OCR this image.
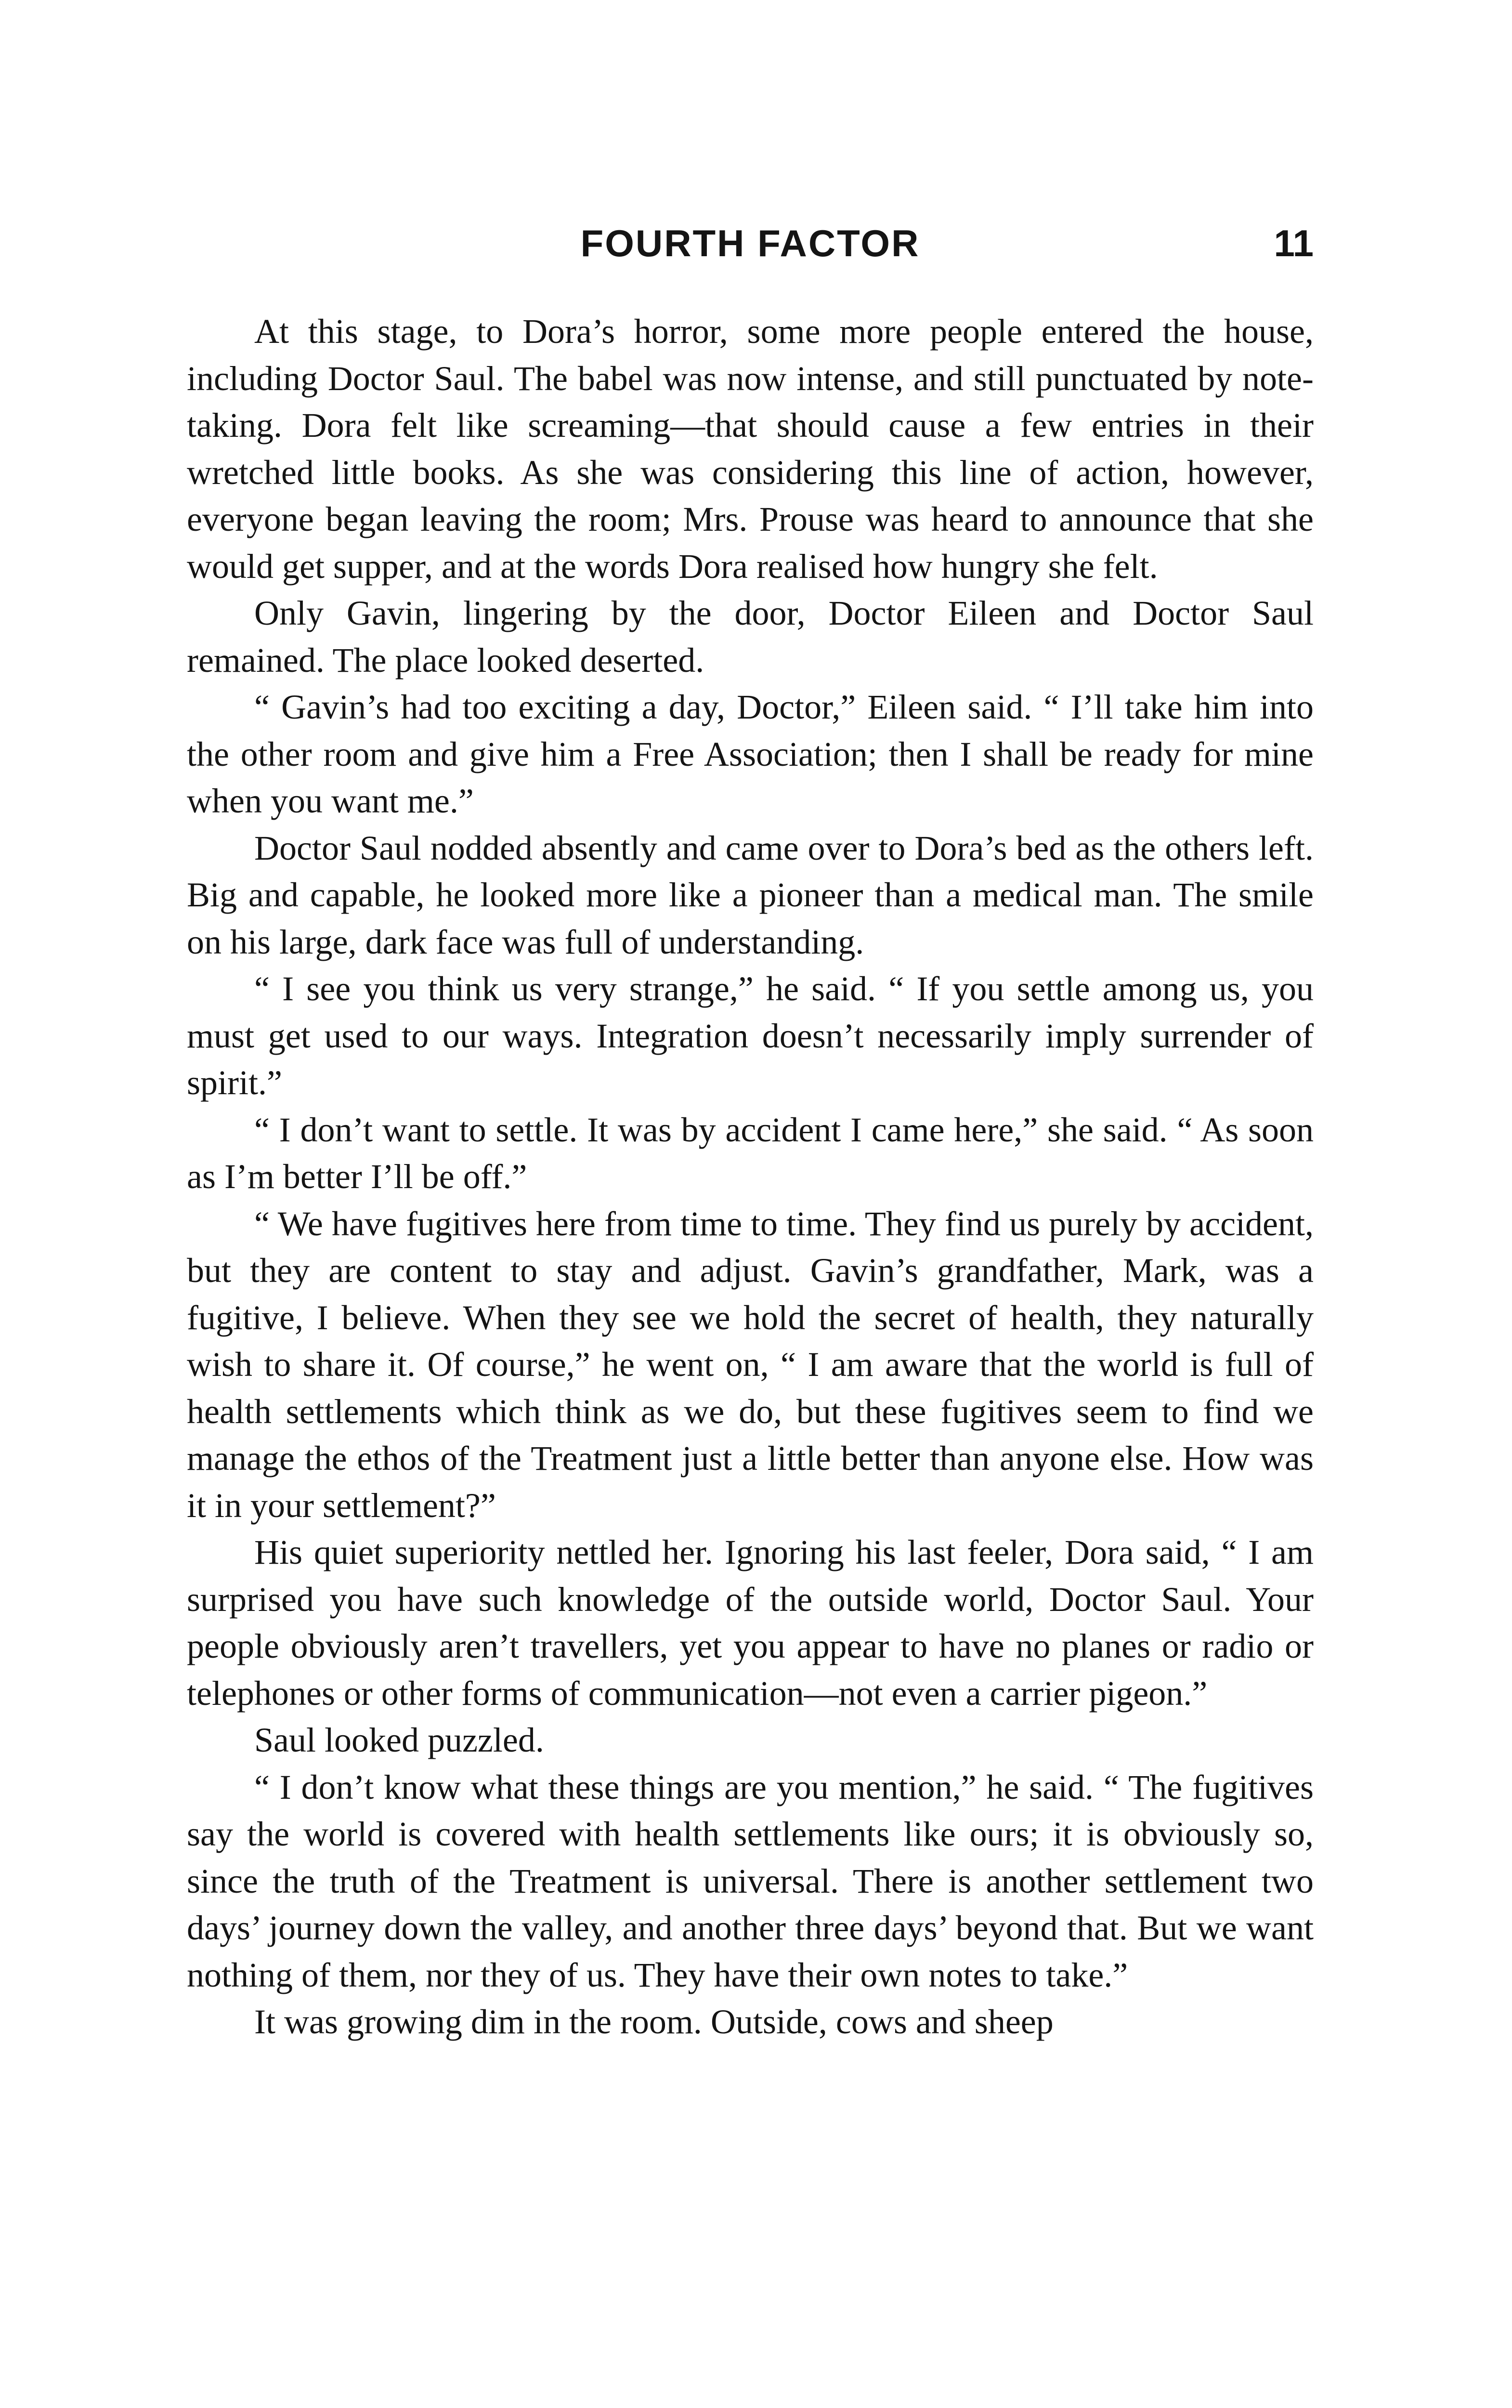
FOURTH FACTOR	11

At this stage, to Dora’s horror, some more people entered the house, including Doctor Saul. The babel was now intense, and still punctuated by note-taking. Dora felt like screaming—that should cause a few entries in their wretched little books. As she was considering this line of action, however, everyone began leaving the room; Mrs. Prouse was heard to announce that she would get supper, and at the words Dora realised how hungry she felt.

Only Gavin, lingering by the door, Doctor Eileen and Doctor Saul remained. The place looked deserted.

“ Gavin’s had too exciting a day, Doctor,” Eileen said. “ I’ll take him into the other room and give him a Free Association; then I shall be ready for mine when you want me.”

Doctor Saul nodded absently and came over to Dora’s bed as the others left. Big and capable, he looked more like a pioneer than a medical man. The smile on his large, dark face was full of understanding.

“ I see you think us very strange,” he said. “ If you settle among us, you must get used to our ways. Integration doesn’t necessarily imply surrender of spirit.”

“ I don’t want to settle. It was by accident I came here,” she said. “ As soon as I’m better I’ll be off.”

“ We have fugitives here from time to time. They find us purely by accident, but they are content to stay and adjust. Gavin’s grandfather, Mark, was a fugitive, I believe. When they see we hold the secret of health, they naturally wish to share it. Of course,” he went on, “ I am aware that the world is full of health settlements which think as we do, but these fugitives seem to find we manage the ethos of the Treatment just a little better than anyone else. How was it in your settlement?”

His quiet superiority nettled her. Ignoring his last feeler, Dora said, “ I am surprised you have such knowledge of the outside world, Doctor Saul. Your people obviously aren’t travellers, yet you appear to have no planes or radio or telephones or other forms of communication—not even a carrier pigeon.”

Saul looked puzzled.

“ I don’t know what these things are you mention,” he said. “ The fugitives say the world is covered with health settlements like ours; it is obviously so, since the truth of the Treatment is universal. There is another settlement two days’ journey down the valley, and another three days’ beyond that. But we want nothing of them, nor they of us. They have their own notes to take.”

It was growing dim in the room. Outside, cows and sheep
